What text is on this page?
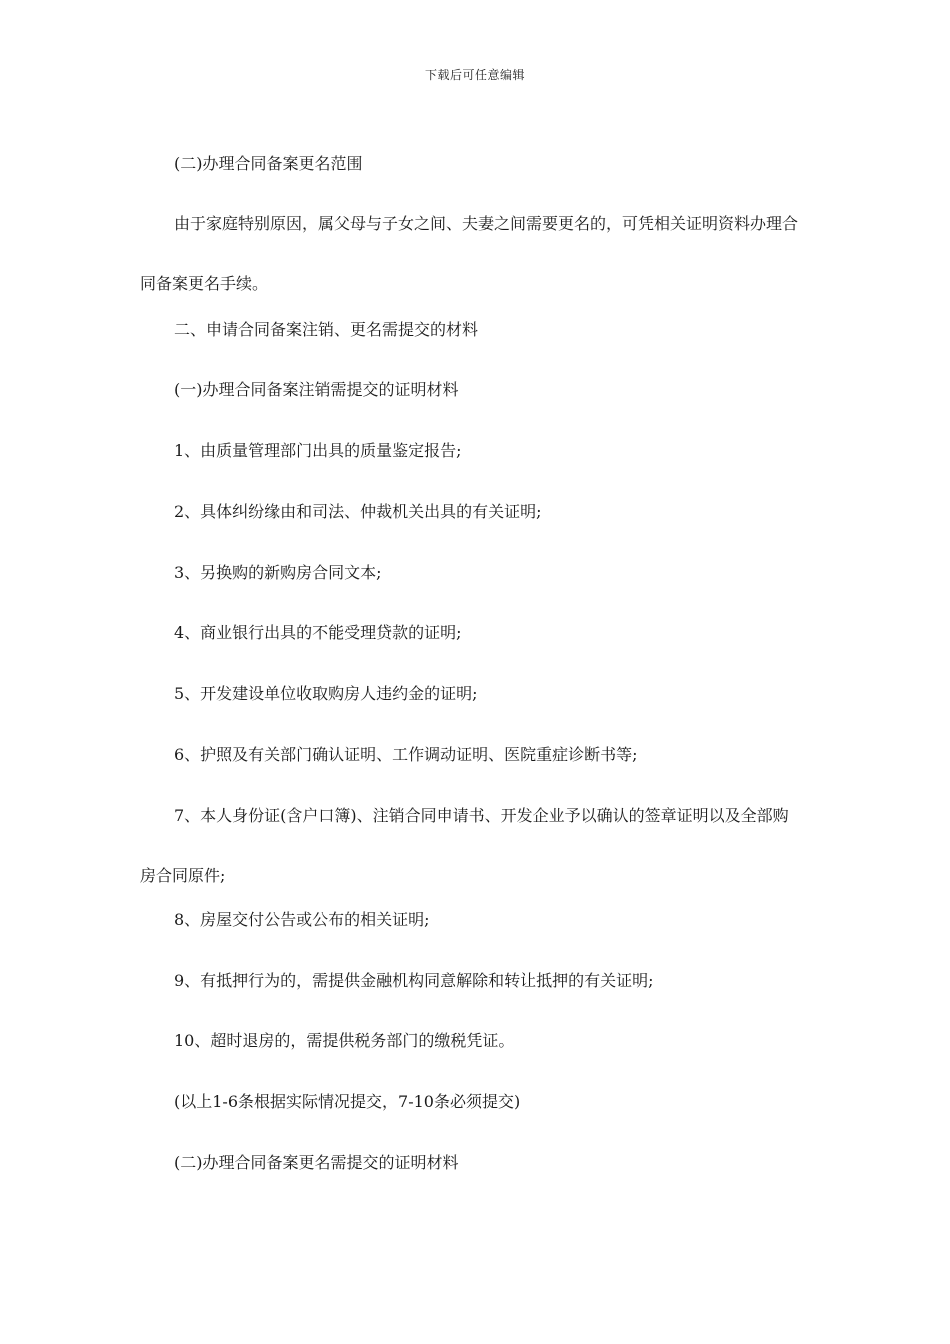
下载后可任意编辑

(二)办理合同备案更名范围

由于家庭特别原因，属父母与子女之间、夫妻之间需要更名的，可凭相关证明资料办理合同备案更名手续。

二、申请合同备案注销、更名需提交的材料

(一)办理合同备案注销需提交的证明材料

1、由质量管理部门出具的质量鉴定报告;

2、具体纠纷缘由和司法、仲裁机关出具的有关证明;

3、另换购的新购房合同文本;

4、商业银行出具的不能受理贷款的证明;

5、开发建设单位收取购房人违约金的证明;

6、护照及有关部门确认证明、工作调动证明、医院重症诊断书等;

7、本人身份证(含户口簿)、注销合同申请书、开发企业予以确认的签章证明以及全部购房合同原件;

8、房屋交付公告或公布的相关证明;

9、有抵押行为的，需提供金融机构同意解除和转让抵押的有关证明;

10、超时退房的，需提供税务部门的缴税凭证。

(以上1-6条根据实际情况提交，7-10条必须提交)

(二)办理合同备案更名需提交的证明材料
